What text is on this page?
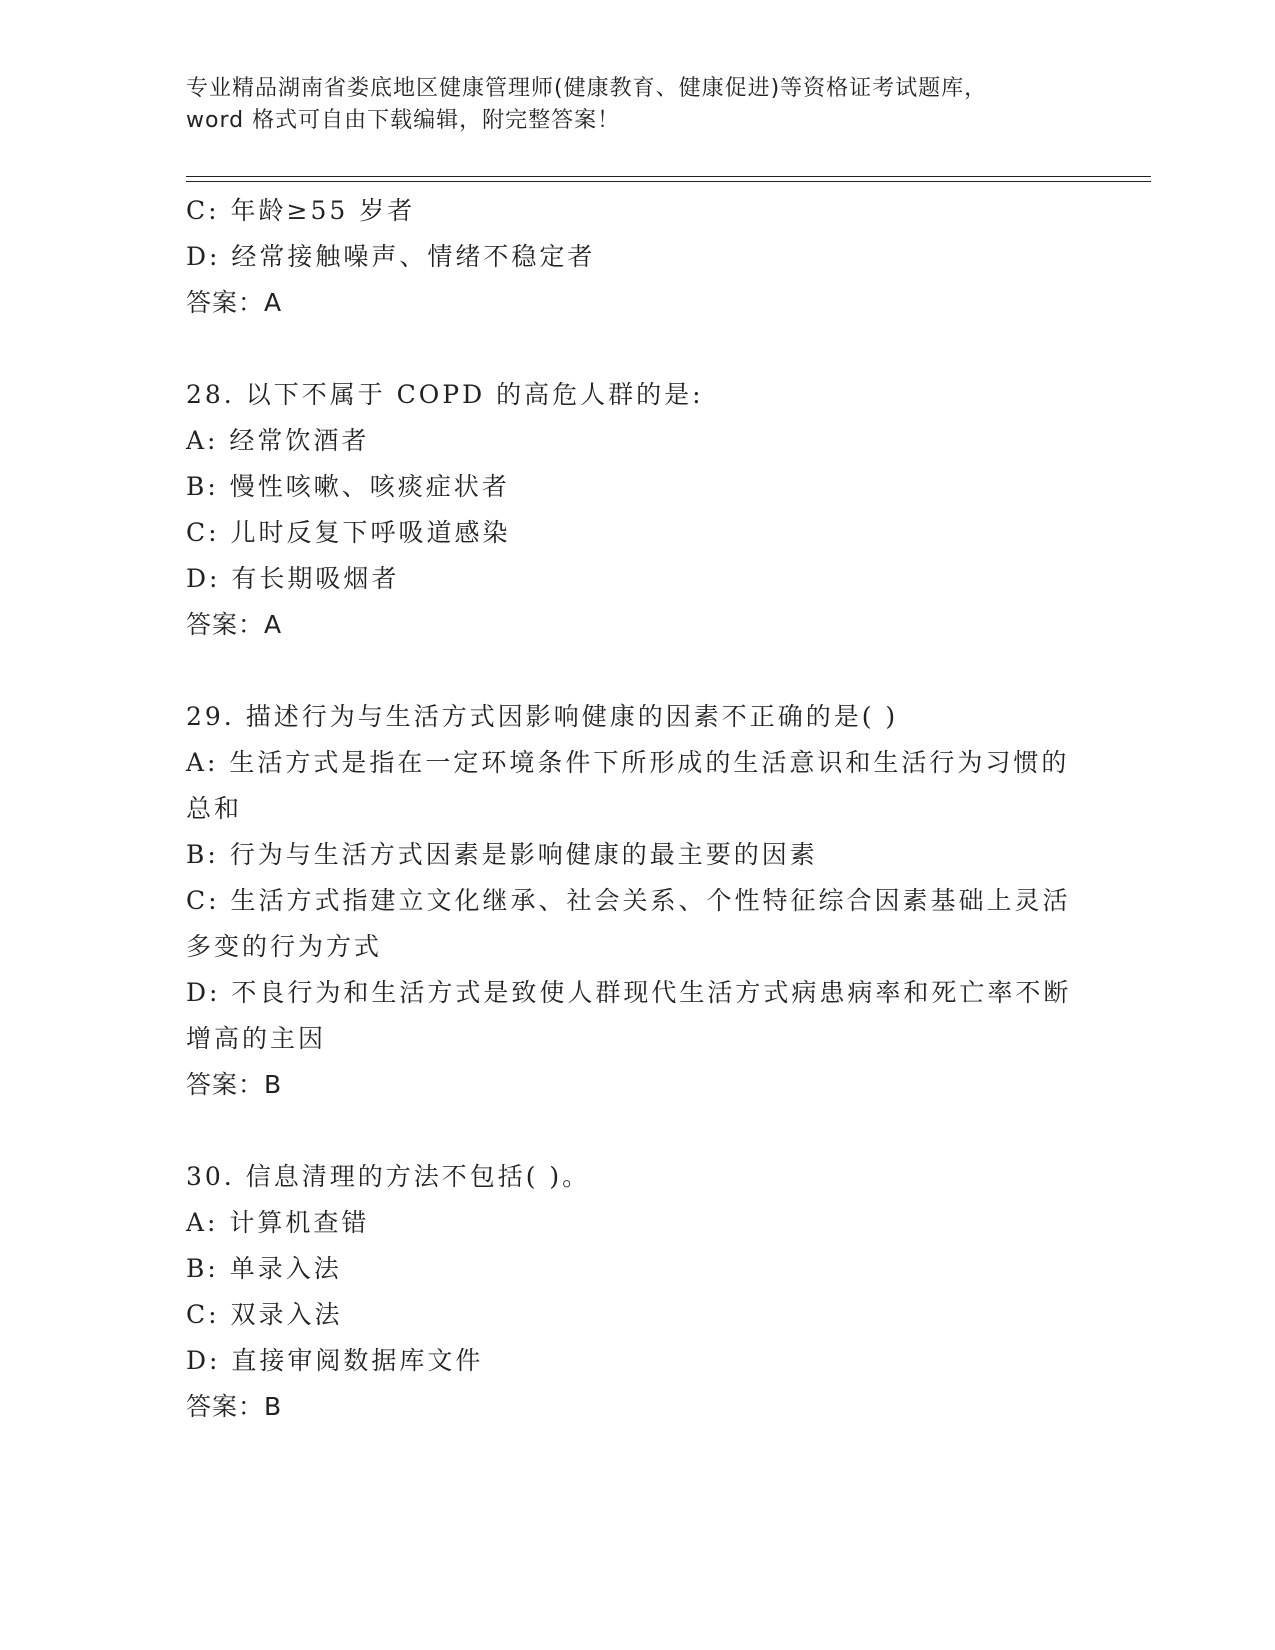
专业精品湖南省娄底地区健康管理师(健康教育、健康促进)等资格证考试题库，
word 格式可自由下载编辑，附完整答案！
C: 年龄≥55 岁者
D: 经常接触噪声、情绪不稳定者
答案：A
28. 以下不属于 COPD 的高危人群的是:
A: 经常饮酒者
B: 慢性咳嗽、咳痰症状者
C: 儿时反复下呼吸道感染
D: 有长期吸烟者
答案：A
29. 描述行为与生活方式因影响健康的因素不正确的是( )
A: 生活方式是指在一定环境条件下所形成的生活意识和生活行为习惯的总和
B: 行为与生活方式因素是影响健康的最主要的因素
C: 生活方式指建立文化继承、社会关系、个性特征综合因素基础上灵活多变的行为方式
D: 不良行为和生活方式是致使人群现代生活方式病患病率和死亡率不断增高的主因
答案：B
30. 信息清理的方法不包括( )。
A: 计算机查错
B: 单录入法
C: 双录入法
D: 直接审阅数据库文件
答案：B
